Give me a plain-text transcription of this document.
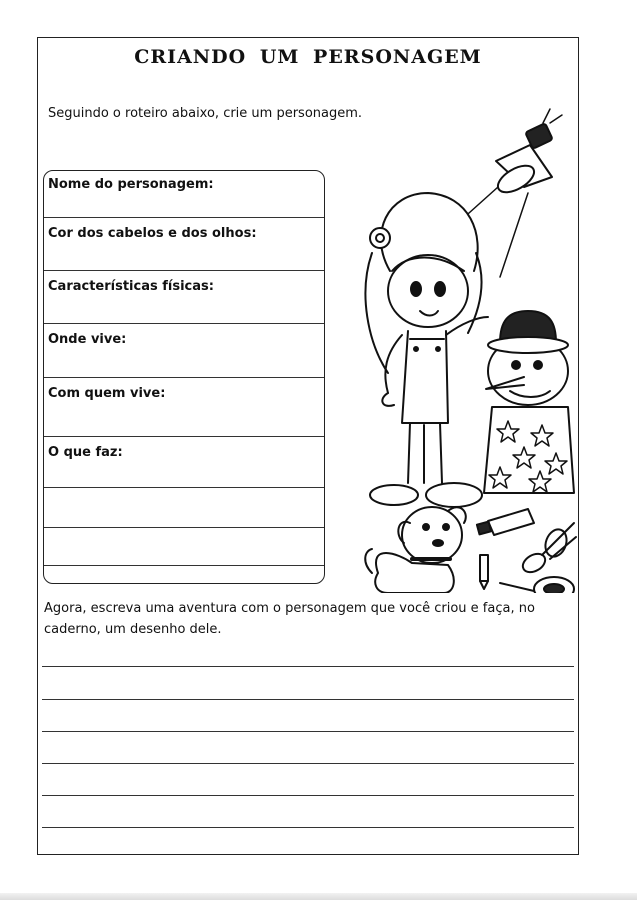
CRIANDO UM PERSONAGEM
Seguindo o roteiro abaixo, crie um personagem.
Nome do personagem:
Cor dos cabelos e dos olhos:
Características físicas:
Onde vive:
Com quem vive:
O que faz:
Agora, escreva uma aventura com o personagem que você criou e faça, no caderno, um desenho dele.
